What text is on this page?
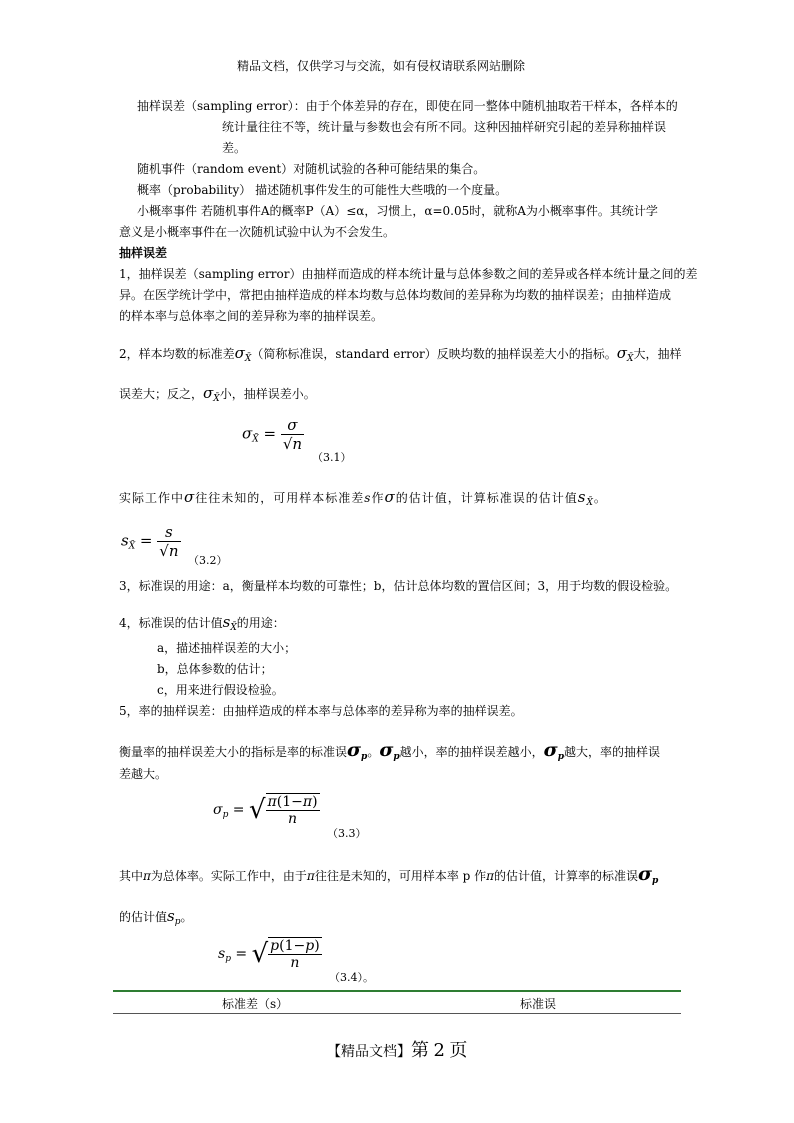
精品文档，仅供学习与交流，如有侵权请联系网站删除
抽样误差（sampling error）：由于个体差异的存在，即使在同一整体中随机抽取若干样本，各样本的
统计量往往不等，统计量与参数也会有所不同。这种因抽样研究引起的差异称抽样误
差。
随机事件（random event）对随机试验的各种可能结果的集合。
概率（probability） 描述随机事件发生的可能性大些哦的一个度量。
小概率事件 若随机事件A的概率P（A）≤α，习惯上，α=0.05时，就称A为小概率事件。其统计学
意义是小概率事件在一次随机试验中认为不会发生。
抽样误差
1，抽样误差（sampling error）由抽样而造成的样本统计量与总体参数之间的差异或各样本统计量之间的差
异。在医学统计学中，常把由抽样造成的样本均数与总体均数间的差异称为均数的抽样误差；由抽样造成
的样本率与总体率之间的差异称为率的抽样误差。
2，样本均数的标准差$\sigma_{X̄}$（简称标准误，standard error）反映均数的抽样误差大小的指标。$\sigma_{X̄}$大，抽样
误差大；反之，$\sigma_{X̄}$小，抽样误差小。
$\sigma_{X̄} = \frac{\sigma}{√n}$
（3.1）
实际工作中σ往往未知的，可用样本标准差s作σ的估计值，计算标准误的估计值$s_{X̄}$。
$s_{X̄} = \frac{s}{√n}$
（3.2）
3，标准误的用途：a，衡量样本均数的可靠性；b，估计总体均数的置信区间；3，用于均数的假设检验。
4，标准误的估计值$s_{X̄}$的用途：
a，描述抽样误差的大小；
b，总体参数的估计；
c，用来进行假设检验。
5，率的抽样误差：由抽样造成的样本率与总体率的差异称为率的抽样误差。
衡量率的抽样误差大小的指标是率的标准误$\sigma_p$。$\sigma_p$越小，率的抽样误差越小，$\sigma_p$越大，率的抽样误
差越大。
$\sigma_p$ = √ $\frac{\pi(1-\pi)}{n}$
（3.3）
其中π为总体率。实际工作中，由于π往往是未知的，可用样本率 p 作π的估计值，计算率的标准误$\sigma_p$
的估计值$s_p$。
$s_p$ = √ $\frac{p(1-p)}{n}$
（3.4）。
标准差（s）	标准误
【精品文档】第 2 页
